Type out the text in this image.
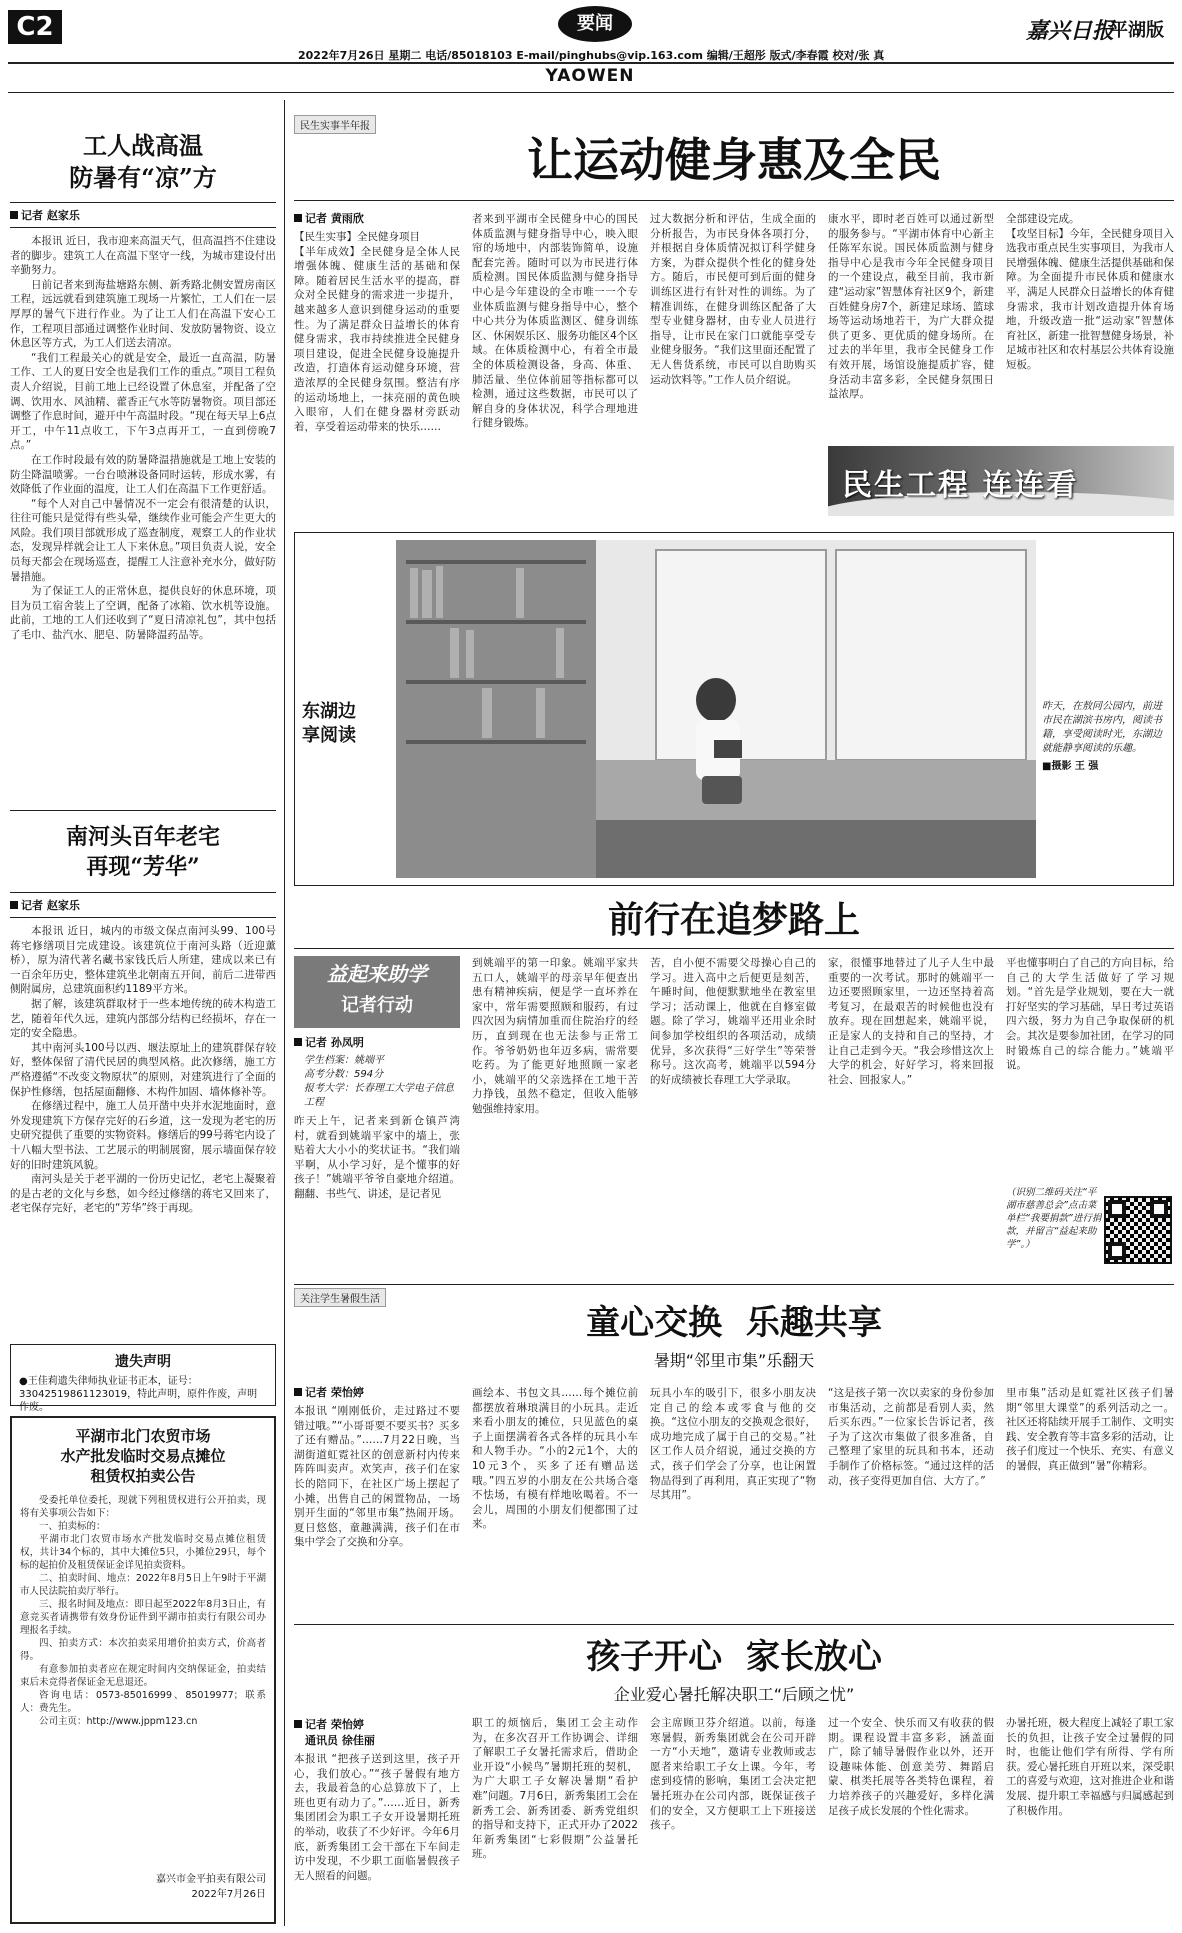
C2	要闻
2022年7月26日 星期二 电话/85018103 E-mail/pinghubs@vip.163.com 编辑/王超彤 版式/李春霞 校对/张 真
嘉兴日报
平湖版
YAOWEN
工人战高温
防暑有“凉”方
记者 赵家乐

本报讯 近日，我市迎来高温天气，但高温挡不住建设者的脚步。建筑工人在高温下坚守一线，为城市建设付出辛勤努力。

日前记者来到海盐塘路东侧、新秀路北侧安置房南区工程，远远就看到建筑施工现场一片繁忙，工人们在一层厚厚的暑气下进行作业。为了让工人们在高温下安心工作，工程项目部通过调整作业时间、发放防暑物资、设立休息区等方式，为工人们送去清凉。

“我们工程最关心的就是安全，最近一直高温，防暑工作、工人的夏日安全也是我们工作的重点。”项目工程负责人介绍说，目前工地上已经设置了休息室，并配备了空调、饮用水、风油精、藿香正气水等防暑物资。项目部还调整了作息时间，避开中午高温时段。“现在每天早上6点开工，中午11点收工，下午3点再开工，一直到傍晚7点。”

在工作时段最有效的防暑降温措施就是工地上安装的防尘降温喷雾。一台台喷淋设备同时运转，形成水雾，有效降低了作业面的温度，让工人们在高温下工作更舒适。

“每个人对自己中暑情况不一定会有很清楚的认识，往往可能只是觉得有些头晕，继续作业可能会产生更大的风险。我们项目部就形成了巡查制度，观察工人的作业状态，发现异样就会让工人下来休息。”项目负责人说，安全员每天都会在现场巡查，提醒工人注意补充水分，做好防暑措施。

为了保证工人的正常休息，提供良好的休息环境，项目为员工宿舍装上了空调，配备了冰箱、饮水机等设施。此前，工地的工人们还收到了“夏日清凉礼包”，其中包括了毛巾、盐汽水、肥皂、防暑降温药品等。

南河头百年老宅
再现“芳华”
记者 赵家乐

本报讯 近日，城内的市级文保点南河头99、100号蒋宅修缮项目完成建设。该建筑位于南河头路（近迎薰桥），原为清代著名藏书家钱氏后人所建，建成以来已有一百余年历史，整体建筑坐北朝南五开间，前后二进带西侧附属房，总建筑面积约1189平方米。

据了解，该建筑群取材于一些本地传统的砖木构造工艺，随着年代久远，建筑内部部分结构已经损坏，存在一定的安全隐患。

其中南河头100号以西、堰法原址上的建筑群保存较好，整体保留了清代民居的典型风格。此次修缮，施工方严格遵循“不改变文物原状”的原则，对建筑进行了全面的保护性修缮，包括屋面翻修、木构件加固、墙体修补等。

在修缮过程中，施工人员开凿中央并水泥地面时，意外发现建筑下方保存完好的石乡道，这一发现为老宅的历史研究提供了重要的实物资料。修缮后的99号蒋宅内设了十八幅大型书法、工艺展示的明制展窗，展示墙面保存较好的旧时建筑风貌。

南河头是关于老平湖的一份历史记忆，老宅上凝聚着的是古老的文化与乡愁，如今经过修缮的蒋宅又回来了，老宅保存完好，老宅的“芳华”终于再现。

遗失声明
●王佳莉遗失律师执业证书正本，证号：33042519861123019，特此声明，原件作废，声明作废。
平湖市北门农贸市场
水产批发临时交易点摊位
租赁权拍卖公告

受委托单位委托，现就下列租赁权进行公开拍卖，现将有关事项公告如下：

一、拍卖标的：

平湖市北门农贸市场水产批发临时交易点摊位租赁权，共计34个标的，其中大摊位5只，小摊位29只，每个标的起拍价及租赁保证金详见拍卖资料。

二、拍卖时间、地点：2022年8月5日上午9时于平湖市人民法院拍卖厅举行。

三、报名时间及地点：即日起至2022年8月3日止，有意竞买者请携带有效身份证件到平湖市拍卖行有限公司办理报名手续。

四、拍卖方式：本次拍卖采用增价拍卖方式，价高者得。

有意参加拍卖者应在规定时间内交纳保证金，拍卖结束后未竞得者保证金无息退还。

咨询电话：0573-85016999、85019977；联系人：费先生。

公司主页：http://www.jppm123.cn

嘉兴市金平拍卖有限公司
2022年7月26日
民生实事半年报
让运动健身惠及全民
记者 黄雨欣
【民生实事】全民健身项目
【半年成效】全民健身是全体人民增强体魄、健康生活的基础和保障。随着居民生活水平的提高，群众对全民健身的需求进一步提升，越来越多人意识到健身运动的重要性。为了满足群众日益增长的体育健身需求，我市持续推进全民健身项目建设，促进全民健身设施提升改造，打造体育运动健身环境，营造浓厚的全民健身氛围。整洁有序的运动场地上，一抹亮丽的黄色映入眼帘，人们在健身器材旁跃动着，享受着运动带来的快乐……
者来到平湖市全民健身中心的国民体质监测与健身指导中心，映入眼帘的场地中，内部装饰简单，设施配套完善。随时可以为市民进行体质检测。国民体质监测与健身指导中心是今年建设的全市唯一一个专业体质监测与健身指导中心，整个中心共分为体质监测区、健身训练区、休闲娱乐区、服务功能区4个区域。在体质检测中心，有着全市最全的体质检测设备，身高、体重、肺活量、坐位体前屈等指标都可以检测，通过这些数据，市民可以了解自身的身体状况，科学合理地进行健身锻炼。
过大数据分析和评估，生成全面的分析报告，为市民身体各项打分，并根据自身体质情况拟订科学健身方案，为群众提供个性化的健身处方。随后，市民便可到后面的健身训练区进行有针对性的训练。为了精准训练，在健身训练区配备了大型专业健身器材，由专业人员进行指导，让市民在家门口就能享受专业健身服务。“我们这里面还配置了无人售货系统，市民可以自助购买运动饮料等。”工作人员介绍说。
康水平，即时老百姓可以通过新型的服务参与。“平湖市体育中心新主任陈军东说。国民体质监测与健身指导中心是我市今年全民健身项目的一个建设点，截至目前，我市新建“运动家”智慧体育社区9个，新建百姓健身房7个，新建足球场、篮球场等运动场地若干，为广大群众提供了更多、更优质的健身场所。在过去的半年里，我市全民健身工作有效开展，场馆设施提质扩容，健身活动丰富多彩，全民健身氛围日益浓厚。
全部建设完成。
【攻坚目标】今年，全民健身项目入选我市重点民生实事项目，为我市人民增强体魄、健康生活提供基础和保障。为全面提升市民体质和健康水平，满足人民群众日益增长的体育健身需求，我市计划改造提升体育场地，升级改造一批“运动家”智慧体育社区，新建一批智慧健身场景，补足城市社区和农村基层公共体育设施短板。
民生工程 连连看
东湖边
享阅读
昨天，在敖同公园内，前进市民在湖滨书房内，阅读书籍，享受阅读时光，东湖边就能静享阅读的乐趣。
■摄影 王 强
前行在追梦路上
益起来助学
记者行动
记者 孙凤明
学生档案：姚端平
高考分数：594分
报考大学：长春理工大学电子信息工程
昨天上午，记者来到新仓镇芦湾村，就看到姚端平家中的墙上，张贴着大大小小的奖状证书。“我们端平啊，从小学习好，是个懂事的好孩子！”姚端平爷爷自豪地介绍道。翻翻、书些气、讲述，是记者见
到姚端平的第一印象。姚端平家共五口人，姚端平的母亲早年便查出患有精神疾病，便是学一直坏养在家中，常年需要照顾和服药，有过四次因为病情加重而住院治疗的经历，直到现在也无法参与正常工作。爷爷奶奶也年迈多病，需常要吃药。为了能更好地照顾一家老小，姚端平的父亲选择在工地干苦力挣钱，虽然不稳定，但收入能够勉强维持家用。
苦，自小便不需要父母操心自己的学习。进入高中之后便更是刻苦，午睡时间，他便默默地坐在教室里学习；活动课上，他就在自修室做题。除了学习，姚端平还用业余时间参加学校组织的各项活动，成绩优异，多次获得“三好学生”等荣誉称号。这次高考，姚端平以594分的好成绩被长春理工大学录取。
家，很懂事地替过了儿子人生中最重要的一次考试。那时的姚端平一边还要照顾家里，一边还坚持着高考复习，在最艰苦的时候他也没有放弃。现在回想起来，姚端平说，正是家人的支持和自己的坚持，才让自己走到今天。“我会珍惜这次上大学的机会，好好学习，将来回报社会、回报家人。”
平也懂事明白了自己的方向目标，给自己的大学生活做好了学习规划。“首先是学业规划，要在大一就打好坚实的学习基础，早日考过英语四六级，努力为自己争取保研的机会。其次是要参加社团，在学习的同时锻炼自己的综合能力。”姚端平说。
（识别二维码关注“平湖市慈善总会”点击菜单栏“我要捐款”进行捐款，并留言“益起来助学”。）
关注学生暑假生活
童心交换  乐趣共享
暑期“邻里市集”乐翻天
记者 荣怡婷
本报讯 “刚刚低价，走过路过不要错过哦。”“小哥哥要不要买书？买多了还有赠品。”……7月22日晚，当湖街道虹霓社区的创意新村内传来阵阵叫卖声。欢笑声，孩子们在家长的陪同下，在社区广场上摆起了小摊，出售自己的闲置物品，一场别开生面的“邻里市集”热闹开场。夏日悠悠，童趣满满，孩子们在市集中学会了交换和分享。
画绘本、书包文具……每个摊位前都摆放着琳琅满目的小玩具。走近来看小朋友的摊位，只见蓝色的桌子上面摆满着各式各样的玩具小车和人物手办。“小的2元1个，大的10元3个，买多了还有赠品送哦。”四五岁的小朋友在公共场合毫不怯场，有模有样地吆喝着。不一会儿，周围的小朋友们便都围了过来。
玩具小车的吸引下，很多小朋友决定自己的绘本或零食与他的交换。“这位小朋友的交换观念很好，成功地完成了属于自己的交易。”社区工作人员介绍说，通过交换的方式，孩子们学会了分享，也让闲置物品得到了再利用，真正实现了“物尽其用”。
“这是孩子第一次以卖家的身份参加市集活动，之前都是看别人卖，然后买东西。”一位家长告诉记者，孩子为了这次市集做了很多准备，自己整理了家里的玩具和书本，还动手制作了价格标签。“通过这样的活动，孩子变得更加自信、大方了。”
里市集”活动是虹霓社区孩子们暑期“邻里大课堂”的系列活动之一。社区还将陆续开展手工制作、文明实践、安全教育等丰富多彩的活动，让孩子们度过一个快乐、充实、有意义的暑假，真正做到“暑”你精彩。
孩子开心  家长放心
企业爱心暑托解决职工“后顾之忧”
记者 荣怡婷
通讯员 徐佳丽
本报讯 “把孩子送到这里，孩子开心，我们放心。”“孩子暑假有地方去，我最着急的心总算放下了，上班也更有动力了。”……近日，新秀集团团会为职工子女开设暑期托班的举动，收获了不少好评。今年6月底，新秀集团工会干部在下车间走访中发现，不少职工面临暑假孩子无人照看的问题。
职工的烦恼后，集团工会主动作为，在多次召开工作协调会、详细了解职工子女暑托需求后，借助企业开设“小候鸟”暑期托班的契机，为广大职工子女解决暑期“看护难”问题。7月6日，新秀集团工会在新秀工会、新秀团委、新秀党组织的指导和支持下，正式开办了2022年新秀集团“七彩假期”公益暑托班。
会主席顾卫芬介绍道。以前，每逢寒暑假，新秀集团就会在公司开辟一方“小天地”，邀请专业教师或志愿者来给职工子女上课。今年，考虑到疫情的影响，集团工会决定把暑托班办在公司内部，既保证孩子们的安全，又方便职工上下班接送孩子。
过一个安全、快乐而又有收获的假期。课程设置丰富多彩，涵盖面广，除了辅导暑假作业以外，还开设趣味体能、创意美劳、舞蹈启蒙、棋类托展等各类特色课程，着力培养孩子的兴趣爱好，多样化满足孩子成长发展的个性化需求。
办暑托班，极大程度上减轻了职工家长的负担，让孩子安全过暑假的同时，也能让他们学有所得、学有所获。爱心暑托班自开班以来，深受职工的喜爱与欢迎，这对推进企业和谐发展、提升职工幸福感与归属感起到了积极作用。
